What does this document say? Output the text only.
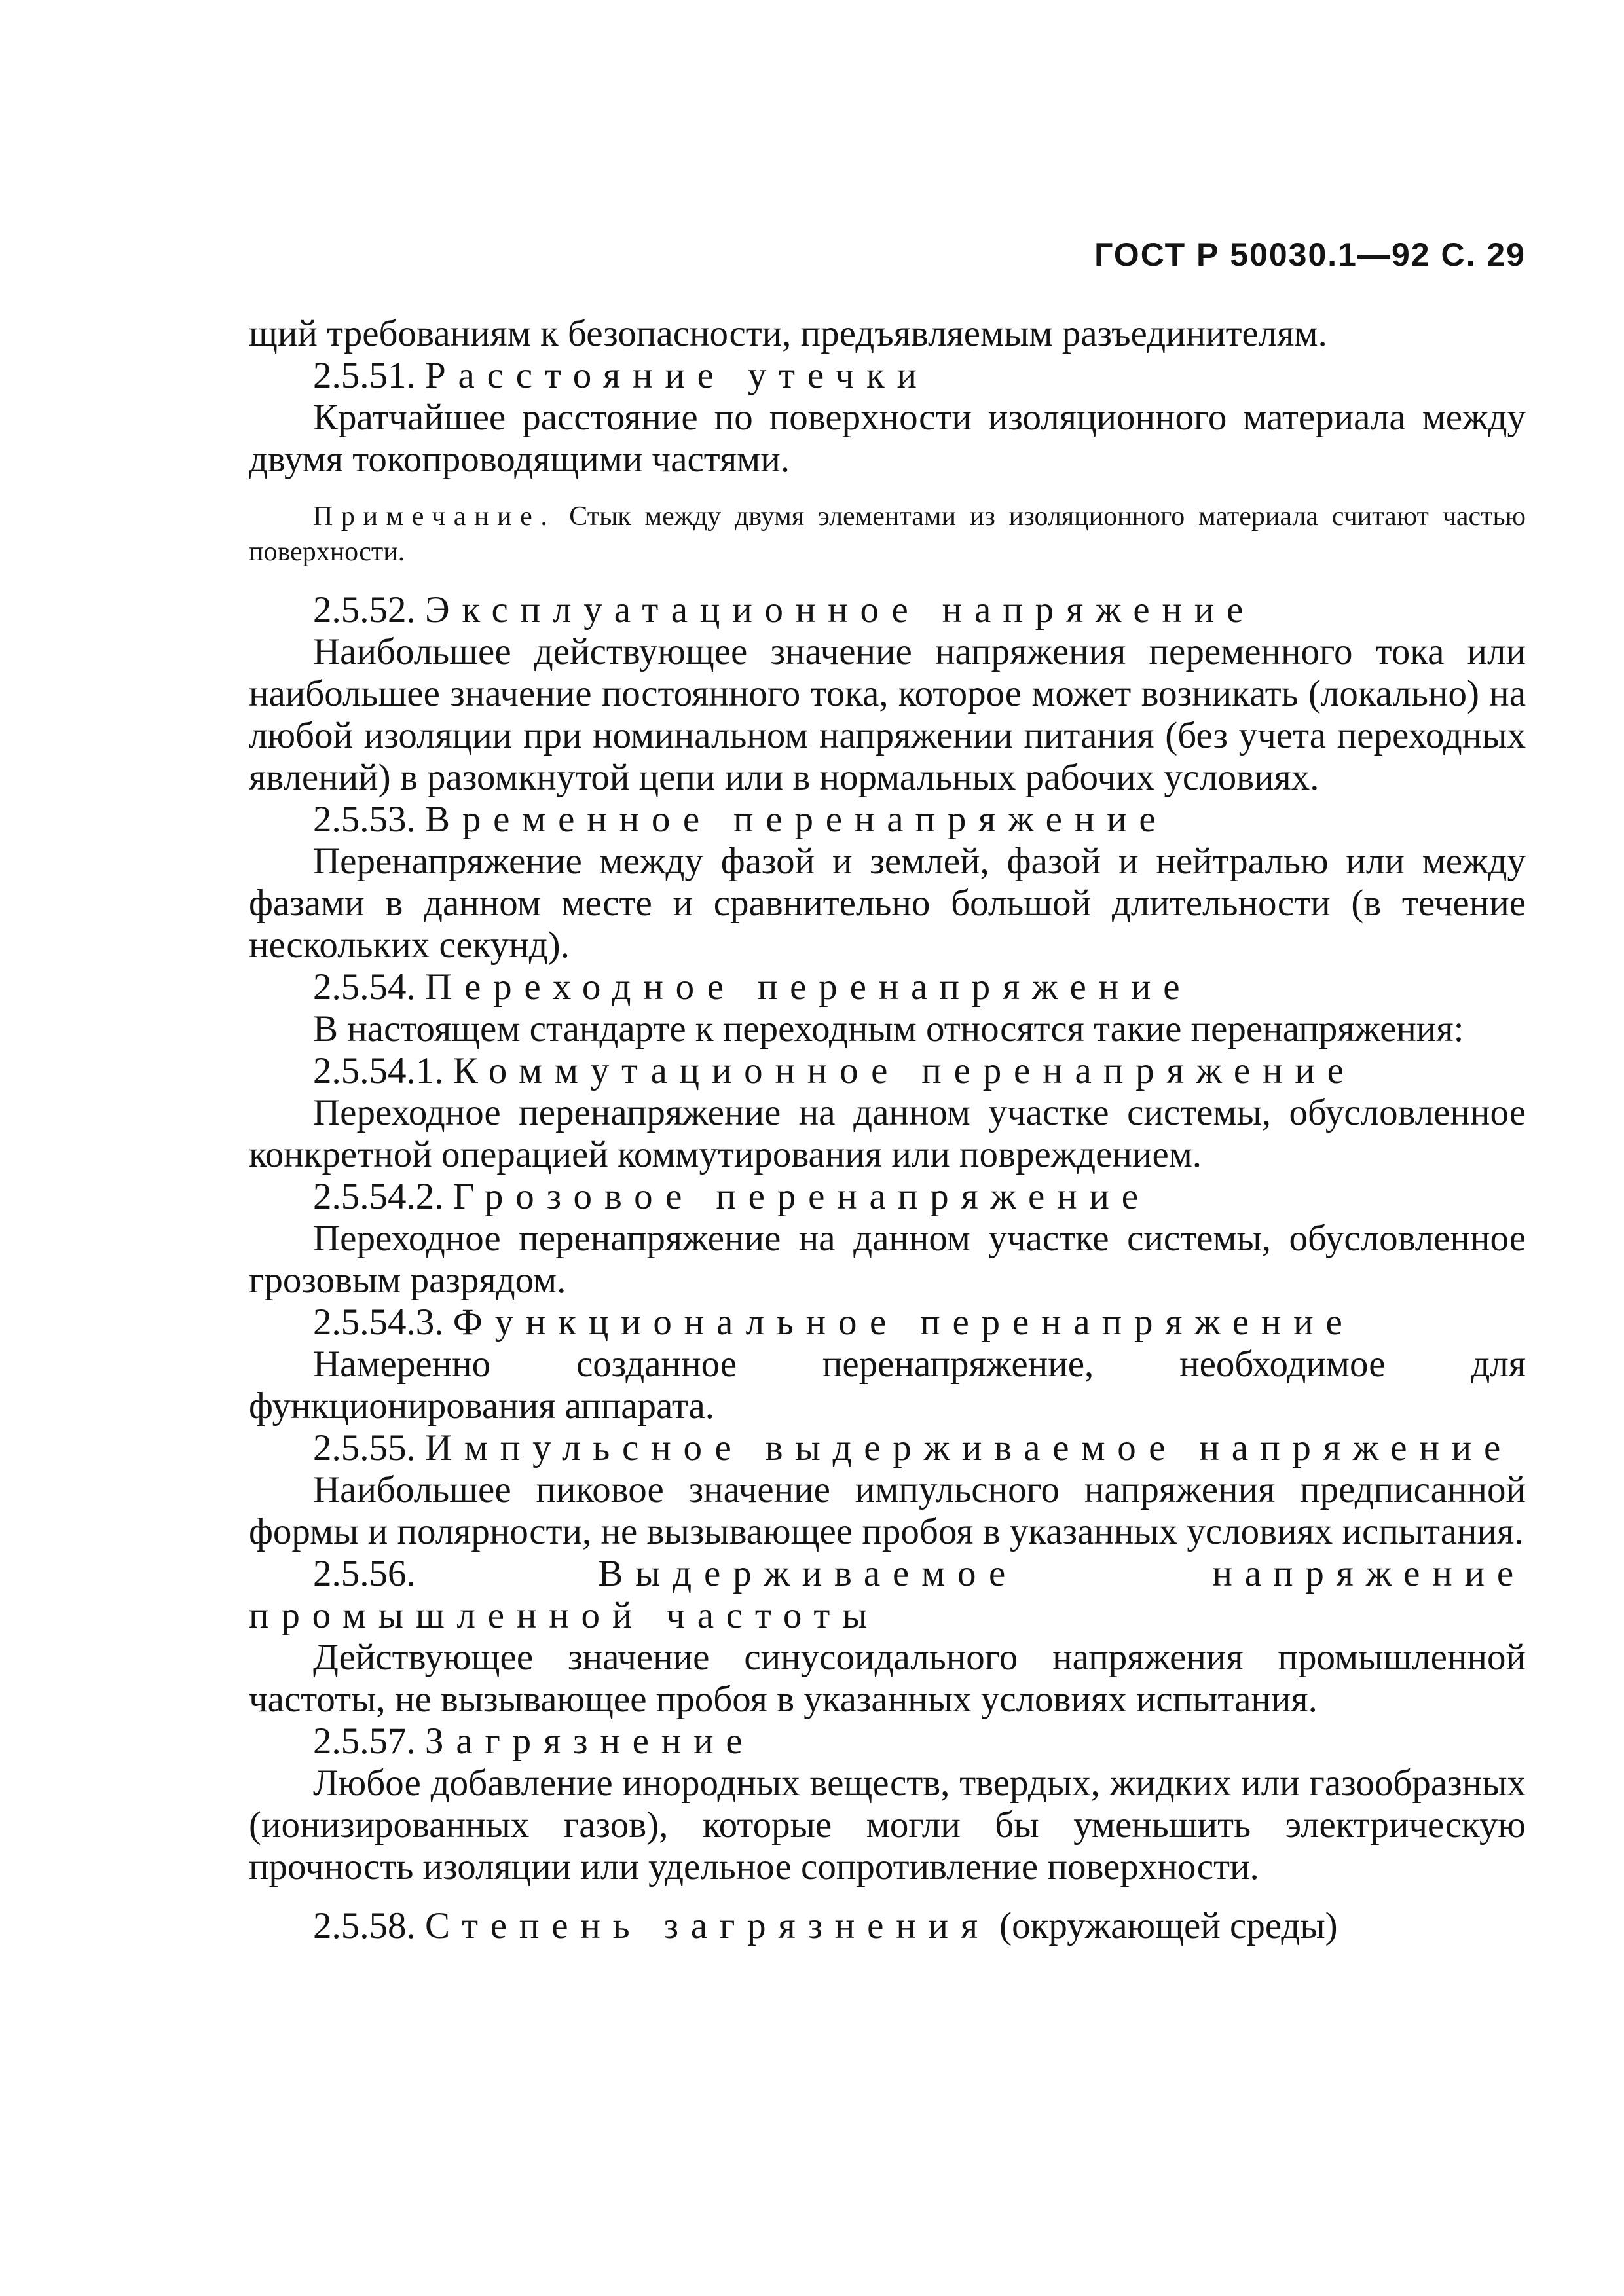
ГОСТ Р 50030.1—92 С. 29

щий требованиям к безопасности, предъявляемым разъединителям.

2.5.51. Расстояние утечки

Кратчайшее расстояние по поверхности изоляционного материала между двумя токопроводящими частями.

Примечание. Стык между двумя элементами из изоляционного материала считают частью поверхности.

2.5.52. Эксплуатационное напряжение

Наибольшее действующее значение напряжения переменного тока или наибольшее значение постоянного тока, которое может возникать (локально) на любой изоляции при номинальном напряжении питания (без учета переходных явлений) в разомкнутой цепи или в нормальных рабочих условиях.

2.5.53. Временное перенапряжение

Перенапряжение между фазой и землей, фазой и нейтралью или между фазами в данном месте и сравнительно большой длительности (в течение нескольких секунд).

2.5.54. Переходное перенапряжение

В настоящем стандарте к переходным относятся такие перенапряжения:

2.5.54.1. Коммутационное перенапряжение

Переходное перенапряжение на данном участке системы, обусловленное конкретной операцией коммутирования или повреждением.

2.5.54.2. Грозовое перенапряжение

Переходное перенапряжение на данном участке системы, обусловленное грозовым разрядом.

2.5.54.3. Функциональное перенапряжение

Намеренно созданное перенапряжение, необходимое для функционирования аппарата.

2.5.55. Импульсное выдерживаемое напряжение

Наибольшее пиковое значение импульсного напряжения предписанной формы и полярности, не вызывающее пробоя в указанных условиях испытания.

2.5.56.	Выдерживаемое напряжение промышленной частоты

Действующее значение синусоидального напряжения промышленной частоты, не вызывающее пробоя в указанных условиях испытания.

2.5.57. Загрязнение

Любое добавление инородных веществ, твердых, жидких или газообразных (ионизированных газов), которые могли бы уменьшить электрическую прочность изоляции или удельное сопротивление поверхности.

2.5.58. Степень загрязнения (окружающей среды)
